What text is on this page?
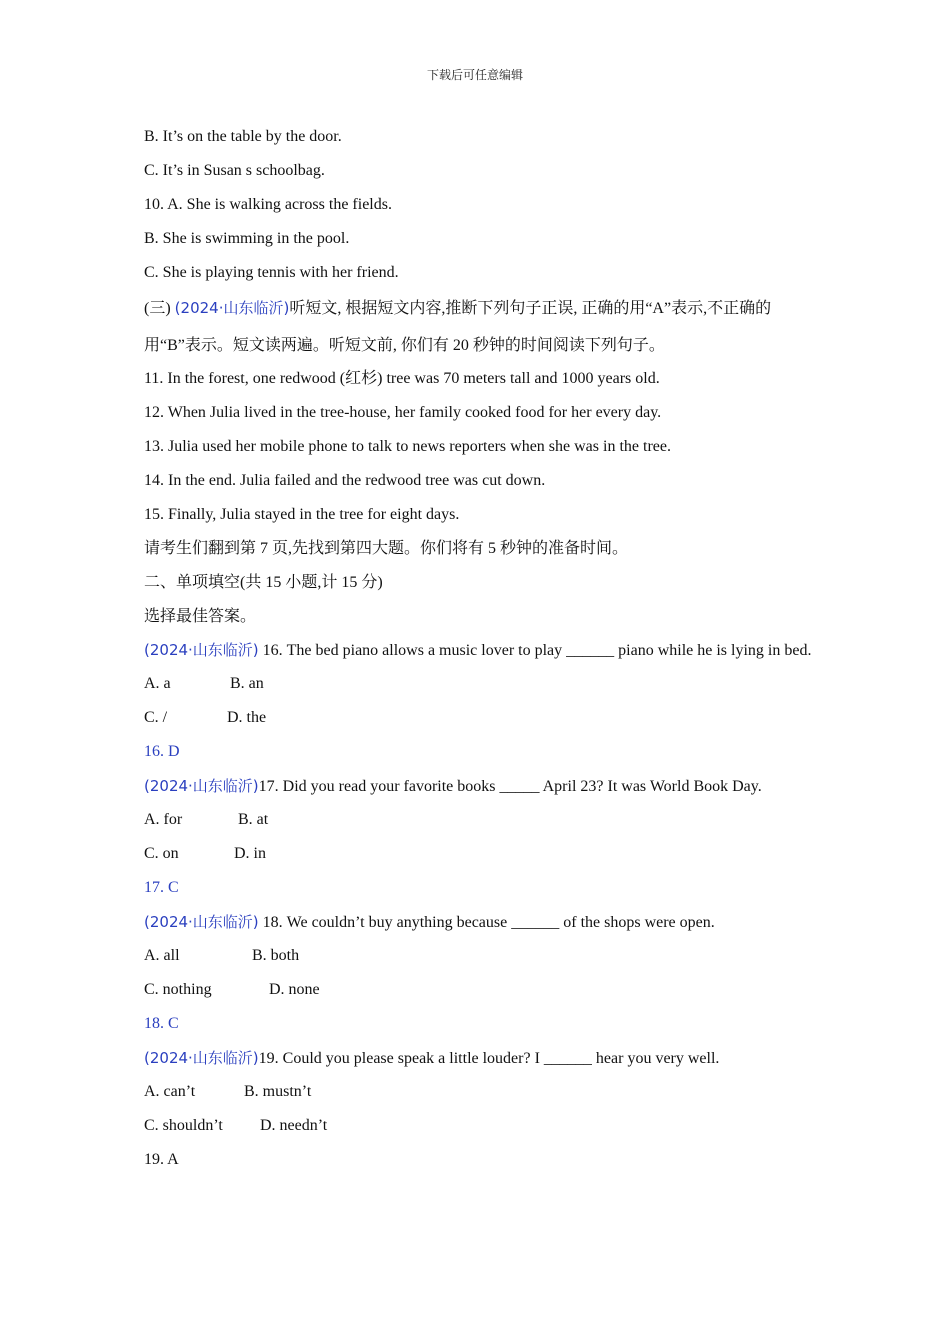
下载后可任意编辑
B. It’s on the table by the door.
C. It’s in Susan s schoolbag.
10. A. She is walking across the fields.
B. She is swimming in the pool.
C. She is playing tennis with her friend.
(三) (2024·山东临沂)听短文, 根据短文内容,推断下列句子正误, 正确的用“A”表示,不正确的用“B”表示。短文读两遍。听短文前, 你们有 20 秒钟的时间阅读下列句子。
11. In the forest, one redwood (红杉) tree was 70 meters tall and 1000 years old.
12. When Julia lived in the tree-house, her family cooked food for her every day.
13. Julia used her mobile phone to talk to news reporters when she was in the tree.
14. In the end. Julia failed and the redwood tree was cut down.
15. Finally, Julia stayed in the tree for eight days.
请考生们翻到第 7 页,先找到第四大题。你们将有 5 秒钟的准备时间。
二、单项填空(共 15 小题,计 15 分)
选择最佳答案。
(2024·山东临沂) 16. The bed piano allows a music lover to play ______ piano while he is lying in bed.
A. a	B. an
C. /	D. the
16. D
(2024·山东临沂)17. Did you read your favorite books _____ April 23? It was World Book Day.
A. for	B. at
C. on	D. in
17. C
(2024·山东临沂) 18. We couldn’t buy anything because ______ of the shops were open.
A. all	B. both
C. nothing	D. none
18. C
(2024·山东临沂)19. Could you please speak a little louder? I ______ hear you very well.
A. can’t	B. mustn’t
C. shouldn’t D. needn’t
19. A
